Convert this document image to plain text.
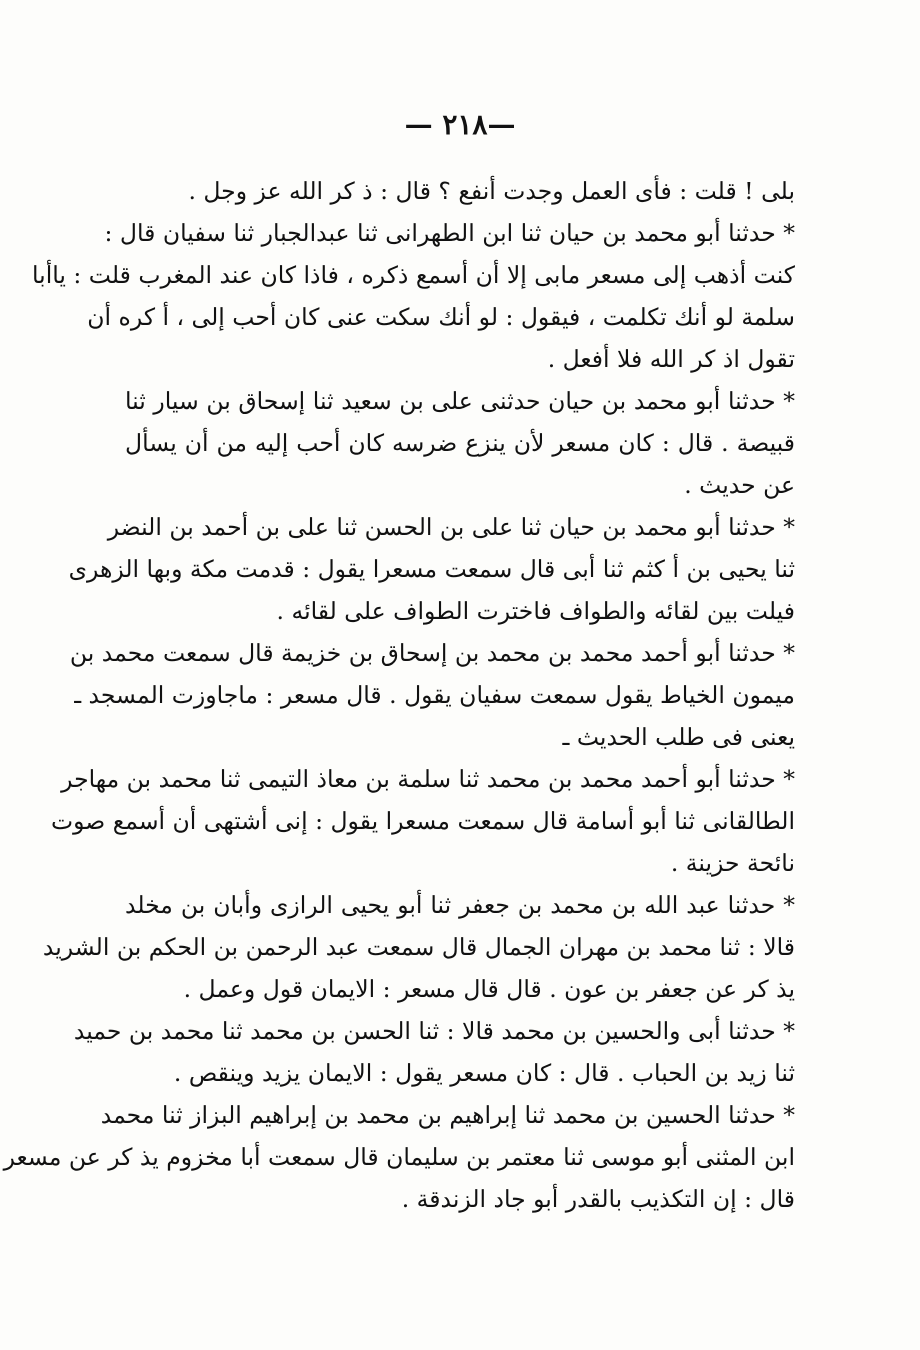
— ٢١٨—
بلى ! قلت : فأى العمل وجدت أنفع ؟ قال : ذ كر الله عز وجل .
* حدثنا أبو محمد بن حيان ثنا ابن الطهرانى ثنا عبدالجبار ثنا سفيان قال :
كنت أذهب إلى مسعر مابى إلا أن أسمع ذكره ، فاذا كان عند المغرب قلت : ياأبا
سلمة لو أنك تكلمت ، فيقول : لو أنك سكت عنى كان أحب إلى ، أ كره أن
تقول اذ كر الله فلا أفعل .
* حدثنا أبو محمد بن حيان حدثنى على بن سعيد ثنا إسحاق بن سيار ثنا
قبيصة . قال : كان مسعر لأن ينزع ضرسه كان أحب إليه من أن يسأل
عن حديث .
* حدثنا أبو محمد بن حيان ثنا على بن الحسن ثنا على بن أحمد بن النضر
ثنا يحيى بن أ كثم ثنا أبى قال سمعت مسعرا يقول : قدمت مكة وبها الزهرى
فيلت بين لقائه والطواف فاخترت الطواف على لقائه .
* حدثنا أبو أحمد محمد بن محمد بن إسحاق بن خزيمة قال سمعت محمد بن
ميمون الخياط يقول سمعت سفيان يقول . قال مسعر : ماجاوزت المسجد ـ
يعنى فى طلب الحديث ـ
* حدثنا أبو أحمد محمد بن محمد ثنا سلمة بن معاذ التيمى ثنا محمد بن مهاجر
الطالقانى ثنا أبو أسامة قال سمعت مسعرا يقول : إنى أشتهى أن أسمع صوت
نائحة حزينة .
* حدثنا عبد الله بن محمد بن جعفر ثنا أبو يحيى الرازى وأبان بن مخلد
قالا : ثنا محمد بن مهران الجمال قال سمعت عبد الرحمن بن الحكم بن الشريد
يذ كر عن جعفر بن عون . قال قال مسعر : الايمان قول وعمل .
* حدثنا أبى والحسين بن محمد قالا : ثنا الحسن بن محمد ثنا محمد بن حميد
ثنا زيد بن الحباب . قال : كان مسعر يقول : الايمان يزيد وينقص .
* حدثنا الحسين بن محمد ثنا إبراهيم بن محمد بن إبراهيم البزاز ثنا محمد
ابن المثنى أبو موسى ثنا معتمر بن سليمان قال سمعت أبا مخزوم يذ كر عن مسعر
قال : إن التكذيب بالقدر أبو جاد الزندقة .
